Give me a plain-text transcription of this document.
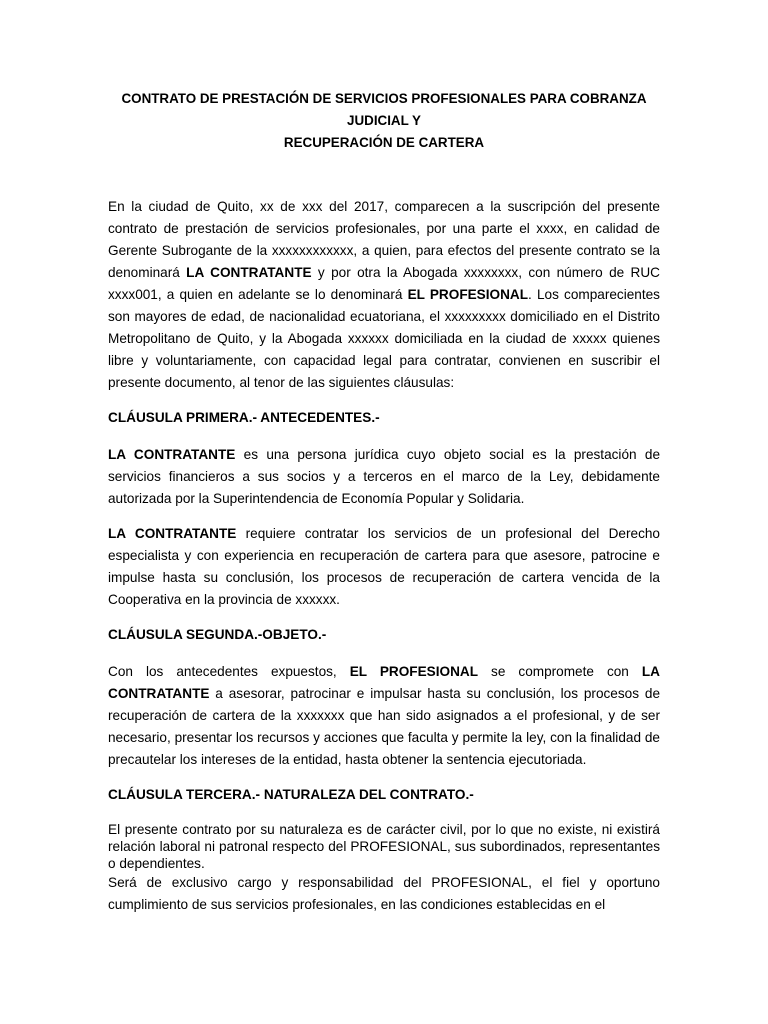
CONTRATO DE PRESTACIÓN DE SERVICIOS PROFESIONALES PARA COBRANZA JUDICIAL Y
RECUPERACIÓN DE CARTERA

En la ciudad de Quito, xx de xxx del 2017, comparecen a la suscripción del presente contrato de prestación de servicios profesionales, por una parte el xxxx, en calidad de Gerente Subrogante de la xxxxxxxxxxxx, a quien, para efectos del presente contrato se la denominará LA CONTRATANTE y por otra la Abogada xxxxxxxx, con número de RUC xxxx001, a quien en adelante se lo denominará EL PROFESIONAL. Los comparecientes son mayores de edad, de nacionalidad ecuatoriana, el xxxxxxxxx domiciliado en el Distrito Metropolitano de Quito, y la Abogada xxxxxx domiciliada en la ciudad de xxxxx quienes libre y voluntariamente, con capacidad legal para contratar, convienen en suscribir el presente documento, al tenor de las siguientes cláusulas:

CLÁUSULA PRIMERA.- ANTECEDENTES.-

LA CONTRATANTE es una persona jurídica cuyo objeto social es la prestación de servicios financieros a sus socios y a terceros en el marco de la Ley, debidamente autorizada por la Superintendencia de Economía Popular y Solidaria.

LA CONTRATANTE requiere contratar los servicios de un profesional del Derecho especialista y con experiencia en recuperación de cartera para que asesore, patrocine e impulse hasta su conclusión, los procesos de recuperación de cartera vencida de la Cooperativa en la provincia de xxxxxx.

CLÁUSULA SEGUNDA.-OBJETO.-

Con los antecedentes expuestos, EL PROFESIONAL se compromete con LA CONTRATANTE a asesorar, patrocinar e impulsar hasta su conclusión, los procesos de recuperación de cartera de la xxxxxxx que han sido asignados a el profesional, y de ser necesario, presentar los recursos y acciones que faculta y permite la ley, con la finalidad de precautelar los intereses de la entidad, hasta obtener la sentencia ejecutoriada.

CLÁUSULA TERCERA.- NATURALEZA DEL CONTRATO.-

El presente contrato por su naturaleza es de carácter civil, por lo que no existe, ni existirá relación laboral ni patronal respecto del PROFESIONAL, sus subordinados, representantes o dependientes.

Será de exclusivo cargo y responsabilidad del PROFESIONAL, el fiel y oportuno cumplimiento de sus servicios profesionales, en las condiciones establecidas en el
